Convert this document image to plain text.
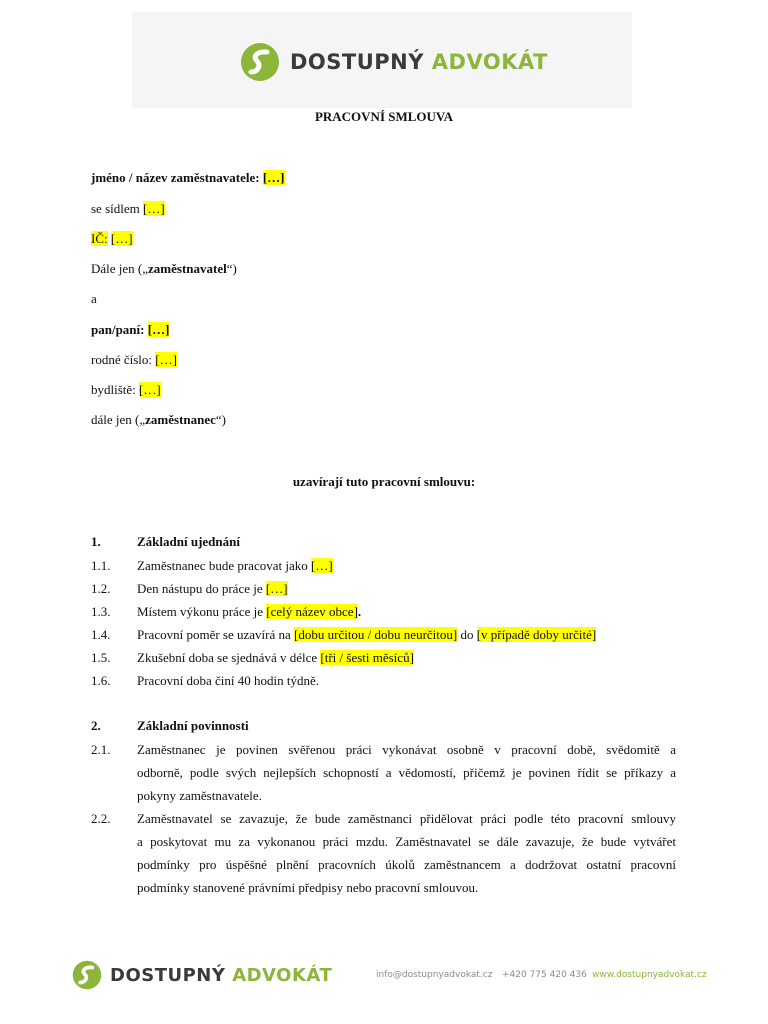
DOSTUPNÝ ADVOKÁT
PRACOVNÍ SMLOUVA
jméno / název zaměstnavatele: […]
se sídlem […]
IČ: […]
Dále jen („zaměstnavatel“)
a
pan/paní: […]
rodné číslo: […]
bydliště: […]
dále jen („zaměstnanec“)
uzavírají tuto pracovní smlouvu:
1.	Základní ujednání
1.1. Zaměstnanec bude pracovat jako […]
1.2. Den nástupu do práce je […]
1.3. Místem výkonu práce je [celý název obce].
1.4. Pracovní poměr se uzavírá na [dobu určitou / dobu neurčitou] do [v případě doby určité]
1.5. Zkušební doba se sjednává v délce [tři / šesti měsíců]
1.6. Pracovní doba činí 40 hodin týdně.
2.	Základní povinnosti
2.1. Zaměstnanec je povinen svěřenou práci vykonávat osobně v pracovní době, svědomitě a
odborně, podle svých nejlepších schopností a vědomostí, přičemž je povinen řídit se příkazy a
pokyny zaměstnavatele.
2.2. Zaměstnavatel se zavazuje, že bude zaměstnanci přidělovat práci podle této pracovní smlouvy
a poskytovat mu za vykonanou práci mzdu. Zaměstnavatel se dále zavazuje, že bude vytvářet
podmínky pro úspěšné plnění pracovních úkolů zaměstnancem a dodržovat ostatní pracovní
podmínky stanovené právními předpisy nebo pracovní smlouvou.
DOSTUPNÝ ADVOKÁT	info@dostupnyadvokat.cz +420 775 420 436 www.dostupnyadvokat.cz
